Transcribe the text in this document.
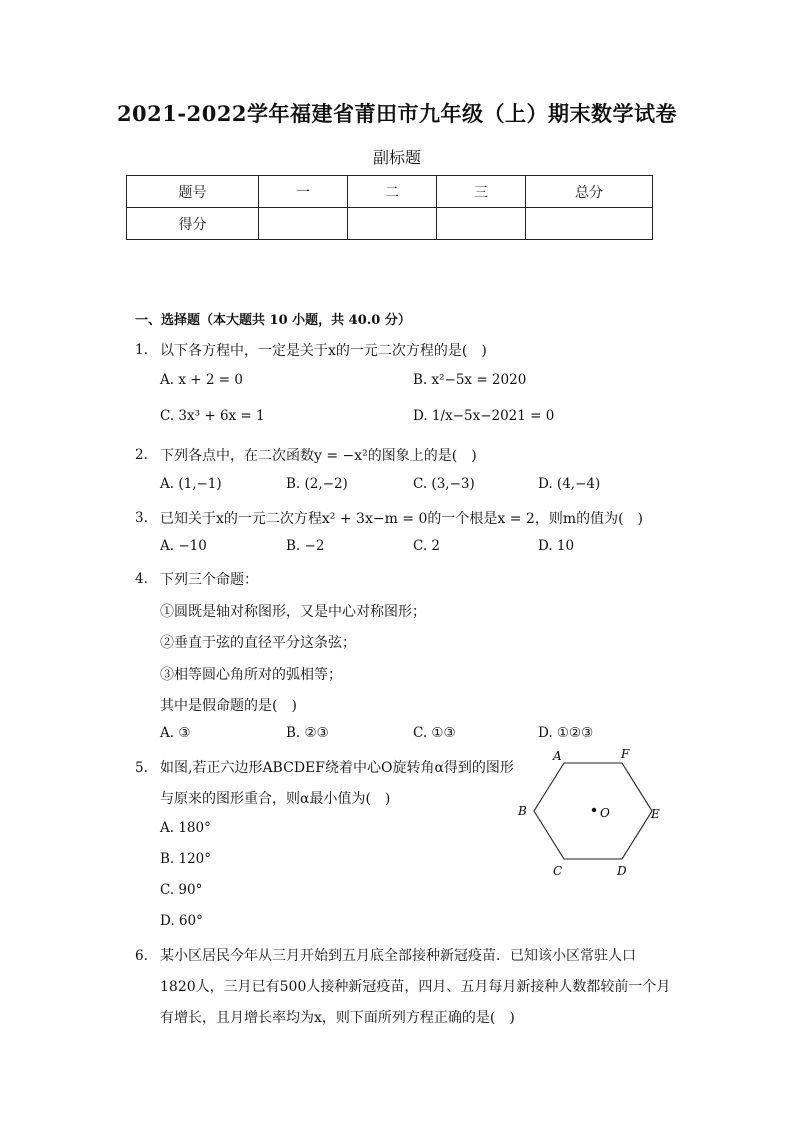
2021-2022学年福建省莆田市九年级（上）期末数学试卷
副标题
题号	一	二	三	总分
得分				
一、选择题（本大题共 10 小题，共 40.0 分）
1. 以下各方程中，一定是关于x的一元二次方程的是(　)
A. x + 2 = 0	B. x²−5x = 2020
C. 3x³ + 6x = 1	D. 1/x−5x−2021 = 0
2. 下列各点中，在二次函数y = −x²的图象上的是(　)
A. (1,−1)	B. (2,−2)	C. (3,−3)	D. (4,−4)
3. 已知关于x的一元二次方程x² + 3x−m = 0的一个根是x = 2，则m的值为(　)
A. −10	B. −2	C. 2	D. 10
4. 下列三个命题：
①圆既是轴对称图形，又是中心对称图形；
②垂直于弦的直径平分这条弦；
③相等圆心角所对的弧相等；
其中是假命题的是(　)
A. ③	B. ②③	C. ①③	D. ①②③
5. 如图,若正六边形ABCDEF绕着中心O旋转角α得到的图形
与原来的图形重合，则α最小值为(　)
A. 180°
B. 120°
C. 90°
D. 60°
A	F
B	O	E
C	D
6. 某小区居民今年从三月开始到五月底全部接种新冠疫苗．已知该小区常驻人口
1820人，三月已有500人接种新冠疫苗，四月、五月每月新接种人数都较前一个月
有增长，且月增长率均为x，则下面所列方程正确的是(　)
